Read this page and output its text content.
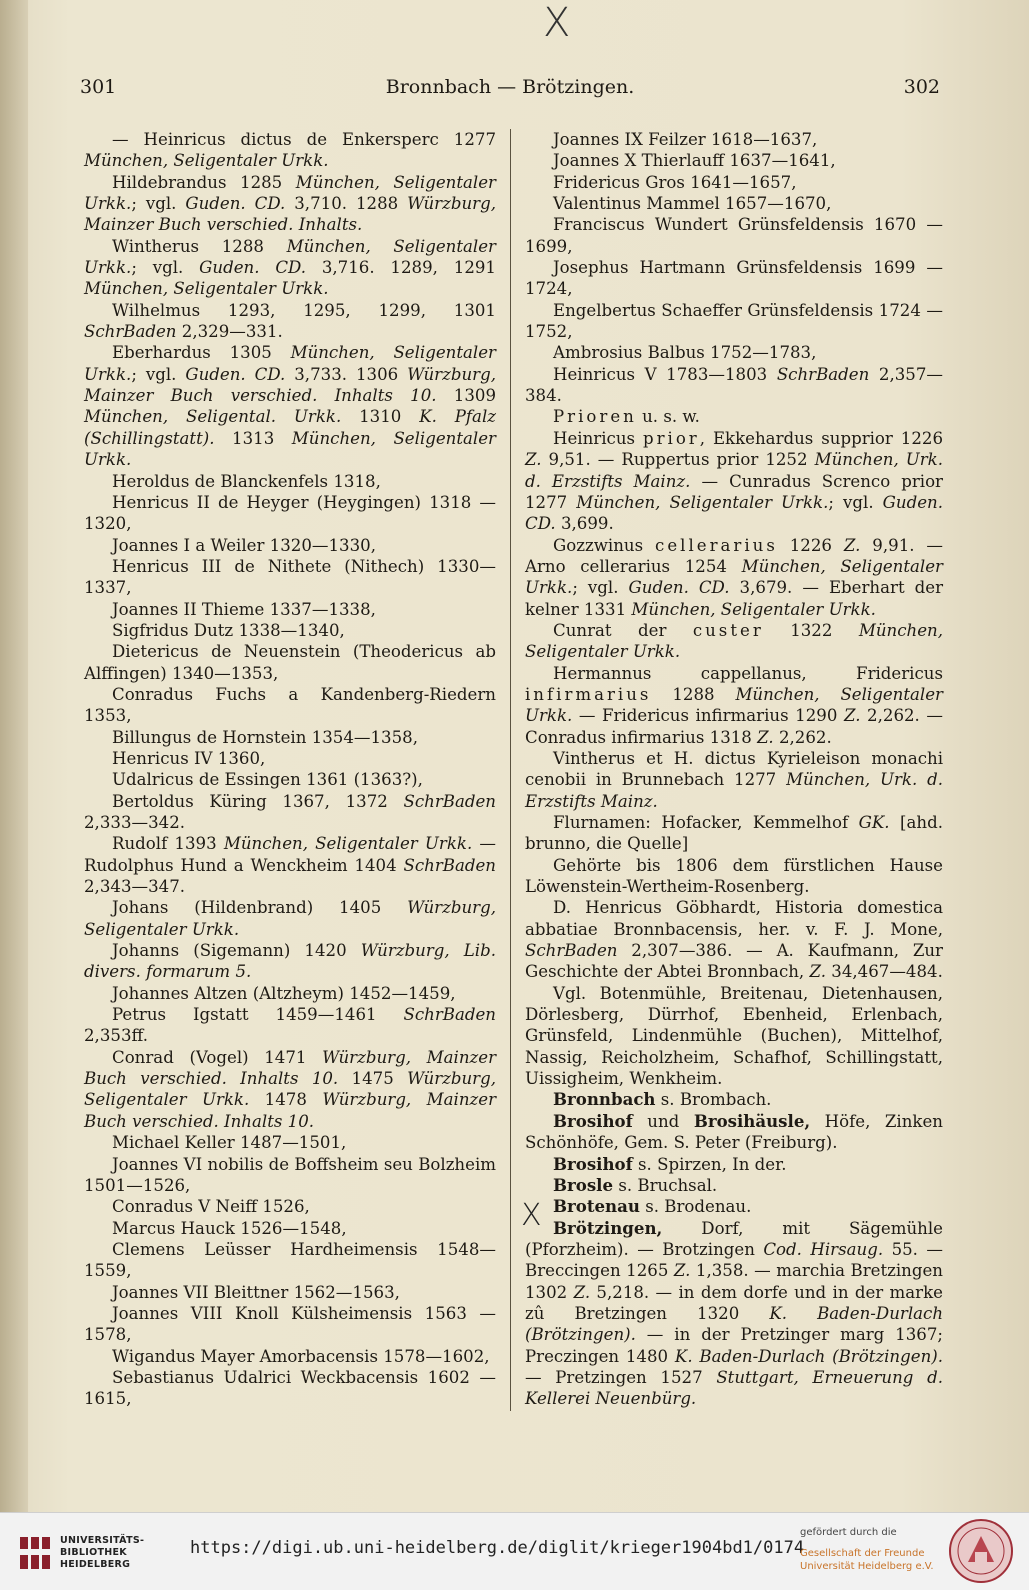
X
301	Bronnbach — Brötzingen.	302

— Heinricus dictus de Enkersperc 1277 München, Seligentaler Urkk.

Hildebrandus 1285 München, Seligentaler Urkk.; vgl. Guden. CD. 3,710. 1288 Würzburg, Mainzer Buch verschied. Inhalts.

Wintherus 1288 München, Seligentaler Urkk.; vgl. Guden. CD. 3,716. 1289, 1291 München, Seligentaler Urkk.

Wilhelmus 1293, 1295, 1299, 1301 SchrBaden 2,329—331.

Eberhardus 1305 München, Seligentaler Urkk.; vgl. Guden. CD. 3,733. 1306 Würzburg, Mainzer Buch verschied. Inhalts 10. 1309 München, Seligental. Urkk. 1310 K. Pfalz (Schillingstatt). 1313 München, Seligentaler Urkk.

Heroldus de Blanckenfels 1318,

Henricus II de Heyger (Heygingen) 1318 —1320,

Joannes I a Weiler 1320—1330,

Henricus III de Nithete (Nithech) 1330—1337,

Joannes II Thieme 1337—1338,

Sigfridus Dutz 1338—1340,

Dietericus de Neuenstein (Theodericus ab Alffingen) 1340—1353,

Conradus Fuchs a Kandenberg-Riedern 1353,

Billungus de Hornstein 1354—1358,

Henricus IV 1360,

Udalricus de Essingen 1361 (1363?),

Bertoldus Küring 1367, 1372 SchrBaden 2,333—342.

Rudolf 1393 München, Seligentaler Urkk. — Rudolphus Hund a Wenckheim 1404 SchrBaden 2,343—347.

Johans (Hildenbrand) 1405 Würzburg, Seligentaler Urkk.

Johanns (Sigemann) 1420 Würzburg, Lib. divers. formarum 5.

Johannes Altzen (Altzheym) 1452—1459,

Petrus Igstatt 1459—1461 SchrBaden 2,353ff.

Conrad (Vogel) 1471 Würzburg, Mainzer Buch verschied. Inhalts 10. 1475 Würzburg, Seligentaler Urkk. 1478 Würzburg, Mainzer Buch verschied. Inhalts 10.

Michael Keller 1487—1501,

Joannes VI nobilis de Boffsheim seu Bolzheim 1501—1526,

Conradus V Neiff 1526,

Marcus Hauck 1526—1548,

Clemens Leüsser Hardheimensis 1548—1559,

Joannes VII Bleittner 1562—1563,

Joannes VIII Knoll Külsheimensis 1563 —1578,

Wigandus Mayer Amorbacensis 1578—1602,

Sebastianus Udalrici Weckbacensis 1602 —1615,

Joannes IX Feilzer 1618—1637,

Joannes X Thierlauff 1637—1641,

Fridericus Gros 1641—1657,

Valentinus Mammel 1657—1670,

Franciscus Wundert Grünsfeldensis 1670 —1699,

Josephus Hartmann Grünsfeldensis 1699 —1724,

Engelbertus Schaeffer Grünsfeldensis 1724 —1752,

Ambrosius Balbus 1752—1783,

Heinricus V 1783—1803 SchrBaden 2,357—384.

Prioren u. s. w.

Heinricus prior, Ekkehardus supprior 1226 Z. 9,51. — Ruppertus prior 1252 München, Urk. d. Erzstifts Mainz. — Cunradus Screnco prior 1277 München, Seligentaler Urkk.; vgl. Guden. CD. 3,699.

Gozzwinus cellerarius 1226 Z. 9,91. — Arno cellerarius 1254 München, Seligentaler Urkk.; vgl. Guden. CD. 3,679. — Eberhart der kelner 1331 München, Seligentaler Urkk.

Cunrat der custer 1322 München, Seligentaler Urkk.

Hermannus cappellanus, Fridericus infirmarius 1288 München, Seligentaler Urkk. — Fridericus infirmarius 1290 Z. 2,262. — Conradus infirmarius 1318 Z. 2,262.

Vintherus et H. dictus Kyrieleison monachi cenobii in Brunnebach 1277 München, Urk. d. Erzstifts Mainz.

Flurnamen: Hofacker, Kemmelhof GK. [ahd. brunno, die Quelle]

Gehörte bis 1806 dem fürstlichen Hause Löwenstein-Wertheim-Rosenberg.

D. Henricus Göbhardt, Historia domestica abbatiae Bronnbacensis, her. v. F. J. Mone, SchrBaden 2,307—386. — A. Kaufmann, Zur Geschichte der Abtei Bronnbach, Z. 34,467—484.

Vgl. Botenmühle, Breitenau, Dietenhausen, Dörlesberg, Dürrhof, Ebenheid, Erlenbach, Grünsfeld, Lindenmühle (Buchen), Mittelhof, Nassig, Reicholzheim, Schafhof, Schillingstatt, Uissigheim, Wenkheim.

Bronnbach s. Brombach.

Brosihof und Brosihäusle, Höfe, Zinken Schönhöfe, Gem. S. Peter (Freiburg).

Brosihof s. Spirzen, In der.

Brosle s. Bruchsal.

Brotenau s. Brodenau.

Brötzingen, Dorf, mit Sägemühle (Pforzheim). — Brotzingen Cod. Hirsaug. 55. — Breccingen 1265 Z. 1,358. — marchia Bretzingen 1302 Z. 5,218. — in dem dorfe und in der marke zû Bretzingen 1320 K. Baden-Durlach (Brötzingen). — in der Pretzinger marg 1367; Preczingen 1480 K. Baden-Durlach (Brötzingen). — Pretzingen 1527 Stuttgart, Erneuerung d. Kellerei Neuenbürg.

X
UNIVERSITÄTS-
BIBLIOTHEK
HEIDELBERG
https://digi.ub.uni-heidelberg.de/diglit/krieger1904bd1/0174
gefördert durch die
Gesellschaft der Freunde
Universität Heidelberg e.V.
